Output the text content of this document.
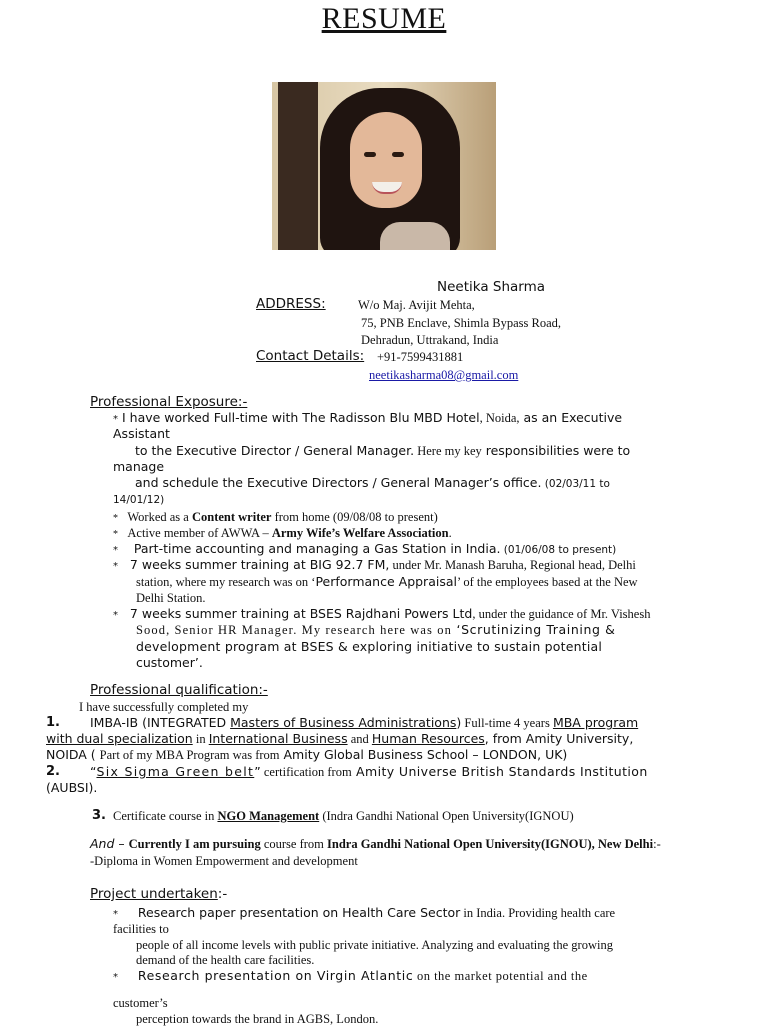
RESUME
Neetika Sharma
ADDRESS:	W/o Maj. Avijit Mehta,
75, PNB Enclave, Shimla Bypass Road,
Dehradun, Uttrakand, India
Contact Details: +91-7599431881
neetikasharma08@gmail.com
Professional Exposure:-
* I have worked Full-time with The Radisson Blu MBD Hotel, Noida, as an Executive
Assistant
to the Executive Director / General Manager. Here my key responsibilities were to
manage
and schedule the Executive Directors / General Manager’s office. (02/03/11 to
14/01/12)
* Worked as a Content writer from home (09/08/08 to present)
* Active member of AWWA – Army Wife’s Welfare Association.
* Part-time accounting and managing a Gas Station in India. (01/06/08 to present)
* 7 weeks summer training at BIG 92.7 FM, under Mr. Manash Baruha, Regional head, Delhi
station, where my research was on ‘Performance Appraisal’ of the employees based at the New
Delhi Station.
* 7 weeks summer training at BSES Rajdhani Powers Ltd, under the guidance of Mr. Vishesh
Sood, Senior HR Manager. My research here was on ‘Scrutinizing Training &
development program at BSES & exploring initiative to sustain potential
customer’.
Professional qualification:-
I have successfully completed my
1. IMBA-IB (INTEGRATED Masters of Business Administrations) Full-time 4 years MBA program
with dual specialization in International Business and Human Resources, from Amity University,
NOIDA ( Part of my MBA Program was from Amity Global Business School – LONDON, UK)
2. “Six Sigma Green belt” certification from Amity Universe British Standards Institution
(AUBSI).
3. Certificate course in NGO Management (Indra Gandhi National Open University(IGNOU)
And – Currently I am pursuing course from Indra Gandhi National Open University(IGNOU), New Delhi:-
-Diploma in Women Empowerment and development
Project undertaken:-
* Research paper presentation on Health Care Sector in India. Providing health care
facilities to
people of all income levels with public private initiative. Analyzing and evaluating the growing
demand of the health care facilities.
* Research presentation on Virgin Atlantic on the market potential and the
customer’s
perception towards the brand in AGBS, London.
